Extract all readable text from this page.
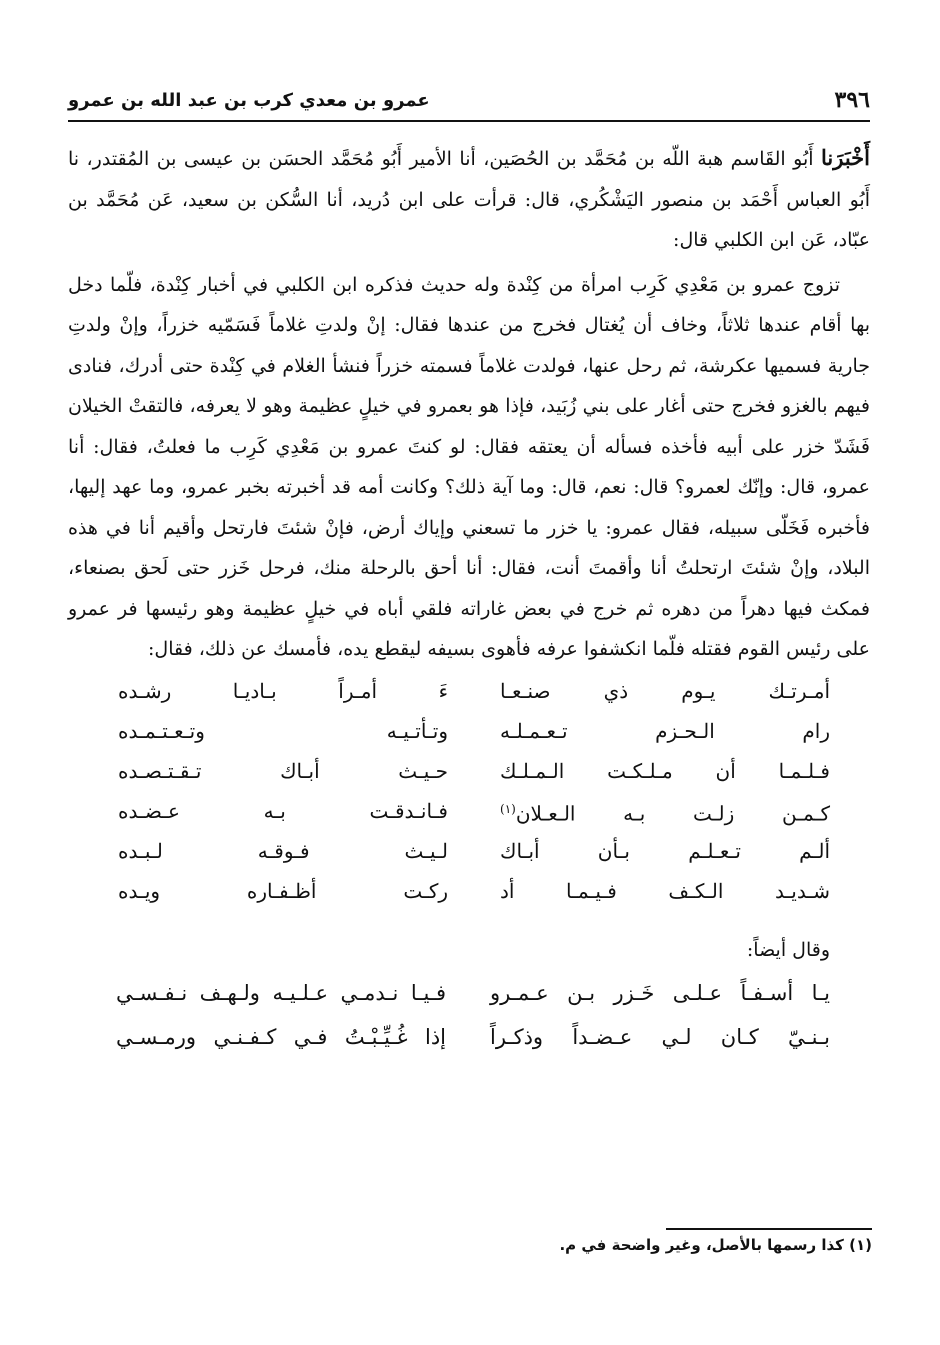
٣٩٦
عمرو بن معدي كرب بن عبد الله بن عمرو

أَخْبَرَنا أَبُو القَاسم هبة اللّه بن مُحَمَّد بن الحُصَين، أنا الأمير أَبُو مُحَمَّد الحسَن بن عيسى بن المُقتدر، نا أَبُو العباس أَحْمَد بن منصور اليَشْكُري، قال: قرأت على ابن دُريد، أنا السُّكن بن سعيد، عَن مُحَمَّد بن عبّاد، عَن ابن الكلبي قال:

تزوج عمرو بن مَعْدِي كَرِب امرأة من كِنْدة وله حديث فذكره ابن الكلبي في أخبار كِنْدة، فلّما دخل بها أقام عندها ثلاثاً، وخاف أن يُغتال فخرج من عندها فقال: إنْ ولدتِ غلاماً فَسَمّيه خزراً، وإنْ ولدتِ جارية فسميها عكرشة، ثم رحل عنها، فولدت غلاماً فسمته خزراً فنشأ الغلام في كِنْدة حتى أدرك، فنادى فيهم بالغزو فخرج حتى أغار على بني زُبَيد، فإذا هو بعمرو في خيلٍ عظيمة وهو لا يعرفه، فالتقتْ الخيلان فَشَدّ خزر على أبيه فأخذه فسأله أن يعتقه فقال: لو كنتَ عمرو بن مَعْدِي كَرِب ما فعلتُ، فقال: أنا عمرو، قال: وإنّك لعمرو؟ قال: نعم، قال: وما آية ذلك؟ وكانت أمه قد أخبرته بخبر عمرو، وما عهد إليها، فأخبره فَخَلّى سبيله، فقال عمرو: يا خزر ما تسعني وإياك أرض، فإنْ شئتَ فارتحل وأقيم أنا في هذه البلاد، وإنْ شئتَ ارتحلتُ أنا وأقمتَ أنت، فقال: أنا أحق بالرحلة منك، فرحل خَزر حتى لَحق بصنعاء، فمكث فيها دهراً من دهره ثم خرج في بعض غاراته فلقي أباه في خيلٍ عظيمة وهو رئيسها فر عمرو على رئيس القوم فقتله فلّما انكشفوا عرفه فأهوى بسيفه ليقطع يده، فأمسك عن ذلك، فقال:

أمـرتـك يـوم ذي صنـعـا
ءَ أمـراً بـاديـا رشـده
رام الـحـزم تـعـمـلـه
وتـأتـيـه وتـعـتـمـده
فـلـمـا أن مـلـكـت الـمـلـك
حـيـث أبـاك تـقـتـصـده
كـمـن زلـت بـه الـعـلان$^{(١)}$
فـانـدقـت بـه عـضـده
ألـم تـعـلـم بـأن أبـاك
لـيـث فـوقـه لـبـده
شـديـد الـكـف فـيـمـا أد
ركـت أظـفـاره ويـده

وقال أيضاً:

يـا أسـفـاً عـلـى خَـزر بـن عـمـرو
فـيـا نـدمـي عـلـيـه ولـهـف نـفـسـي
بـنـيّ كـان لـي عـضـداً وذكـراً
إذا غُـيِّـبْـتُ فـي كـفـنـي ورمـسـي
(١) كذا رسمها بالأصل، وغير واضحة في م.
